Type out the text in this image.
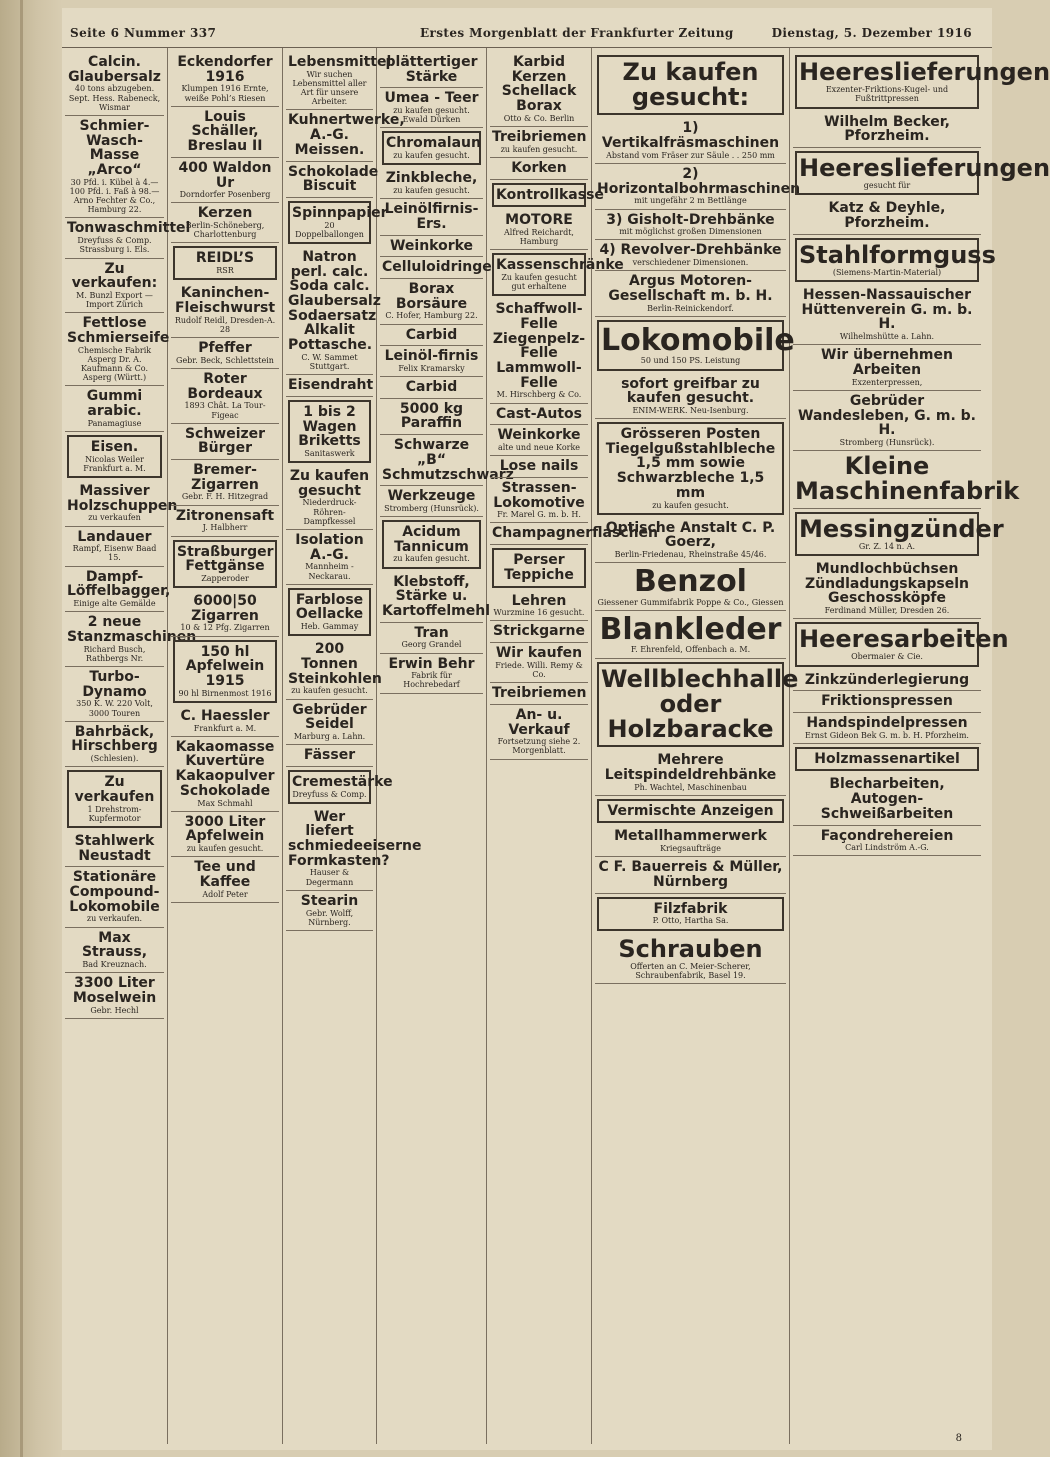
Seite 6 Nummer 337	Erstes Morgenblatt der Frankfurter Zeitung	Dienstag, 5. Dezember 1916
Calcin. Glaubersalz
40 tons abzugeben. Sept. Hess. Rabeneck, Wismar
Schmier-Wasch-Masse „Arco“
30 Pfd. i. Kübel à 4.— 100 Pfd. i. Faß à 98.— Arno Fechter & Co., Hamburg 22.
Tonwaschmittel
Dreyfuss & Comp. Strassburg i. Els.
Zu verkaufen:
M. Bunzl Export — Import Zürich
Fettlose Schmierseife
Chemische Fabrik Asperg Dr. A. Kaufmann & Co. Asperg (Württ.)
Gummi arabic.
Panamagiuse
Eisen.
Nicolas Weiler Frankfurt a. M.
Massiver Holzschuppen
zu verkaufen
Landauer
Rampf, Eisenw Baad 15.
Dampf-Löffelbagger,
Einige alte Gemälde
2 neue Stanzmaschinen
Richard Busch, Rathbergs Nr.
Turbo-Dynamo
350 K. W. 220 Volt, 3000 Touren
Bahrbäck, Hirschberg
(Schlesien).
Zu verkaufen
1 Drehstrom-Kupfermotor
Stahlwerk Neustadt
Stationäre Compound-Lokomobile
zu verkaufen.
Max Strauss,
Bad Kreuznach.
3300 Liter Moselwein
Gebr. Hechl
Eckendorfer 1916
Klumpen 1916 Ernte, weiße Pohl’s Riesen
Louis Schäller, Breslau II
400 Waldon Ur
Dorndorfer Posenberg
Kerzen
Berlin-Schöneberg, Charlottenburg
REIDL’S
RSR
Kaninchen-Fleischwurst
Rudolf Reidl, Dresden-A. 28
Pfeffer
Gebr. Beck, Schlettstein
Roter Bordeaux
1893 Chât. La Tour-Figeac
Schweizer Bürger
Bremer-Zigarren
Gebr. F. H. Hitzegrad
Zitronensaft
J. Halbherr
Straßburger Fettgänse
Zapperoder
6000|50 Zigarren
10 & 12 Pfg. Zigarren
150 hl Apfelwein 1915
90 hl Birnenmost 1916
C. Haessler
Frankfurt a. M.
Kakaomasse Kuvertüre Kakaopulver Schokolade
Max Schmahl
3000 Liter Apfelwein
zu kaufen gesucht.
Tee und Kaffee
Adolf Peter
Lebensmittel
Wir suchen Lebensmittel aller Art für unsere Arbeiter.
Kuhnertwerke, A.-G. Meissen.
Schokolade Biscuit
Spinnpapier
20 Doppelballongen
Natron perl. calc. Soda calc. Glaubersalz Sodaersatz Alkalit Pottasche.
C. W. Sammet Stuttgart.
Eisendraht
1 bis 2 Wagen Briketts
Sanitaswerk
Zu kaufen gesucht
Niederdruck-Röhren-Dampfkessel
Isolation A.-G.
Mannheim - Neckarau.
Farblose Oellacke
Heb. Gammay
200 Tonnen Steinkohlen
zu kaufen gesucht.
Gebrüder Seidel
Marburg a. Lahn.
Fässer
Cremestärke
Dreyfuss & Comp.
Wer liefert schmiedeeiserne Formkasten?
Hauser & Degermann
Stearin
Gebr. Wolff, Nürnberg.
plättertiger Stärke
Umea - Teer
zu kaufen gesucht. Ewald Dürken
Chromalaun
zu kaufen gesucht.
Zinkbleche,
zu kaufen gesucht.
Leinölfirnis-Ers.
Weinkorke
Celluloidringe
Borax Borsäure
C. Hofer, Hamburg 22.
Carbid
Leinöl-firnis
Felix Kramarsky
Carbid
5000 kg Paraffin
Schwarze „B“ Schmutzschwarz
Werkzeuge
Stromberg (Hunsrück).
Acidum Tannicum
zu kaufen gesucht.
Klebstoff, Stärke u. Kartoffelmehl
Tran
Georg Grandel
Erwin Behr
Fabrik für Hochrebedarf
Karbid Kerzen Schellack Borax
Otto & Co. Berlin
Treibriemen
zu kaufen gesucht.
Korken
Kontrollkasse
MOTORE
Alfred Reichardt, Hamburg
Kassenschränke
Zu kaufen gesucht gut erhaltene
Schaffwoll-Felle Ziegenpelz-Felle Lammwoll-Felle
M. Hirschberg & Co.
Cast-Autos
Weinkorke
alte und neue Korke
Lose nails
Strassen-Lokomotive
Fr. Marel G. m. b. H.
Champagnerflaschen
Perser Teppiche
Lehren
Wurzmine 16 gesucht.
Strickgarne
Wir kaufen
Friede. Willi. Remy & Co.
Treibriemen
An- u. Verkauf
Fortsetzung siehe 2. Morgenblatt.
Zu kaufen gesucht:
1) Vertikalfräsmaschinen
Abstand vom Fräser zur Säule . . 250 mm
2) Horizontalbohrmaschinen
mit ungefähr 2 m Bettlänge
3) Gisholt-Drehbänke
mit möglichst großen Dimensionen
4) Revolver-Drehbänke
verschiedener Dimensionen.
Argus Motoren-Gesellschaft m. b. H.
Berlin-Reinickendorf.
Lokomobile
50 und 150 PS. Leistung
sofort greifbar zu kaufen gesucht.
ENIM-WERK. Neu-Isenburg.
Grösseren Posten Tiegelgußstahlbleche 1,5 mm sowie Schwarzbleche 1,5 mm
zu kaufen gesucht.
Optische Anstalt C. P. Goerz,
Berlin-Friedenau, Rheinstraße 45/46.
Benzol
Giessener Gummifabrik Poppe & Co., Giessen
Blankleder
F. Ehrenfeld, Offenbach a. M.
Wellblechhalle oder Holzbaracke
Mehrere Leitspindeldrehbänke
Ph. Wachtel, Maschinenbau
Vermischte Anzeigen
Metallhammerwerk
Kriegsaufträge
C F. Bauerreis & Müller, Nürnberg
Filzfabrik
P. Otto, Hartha Sa.
Schrauben
Offerten an C. Meier-Scherer, Schraubenfabrik, Basel 19.
Heereslieferungen
Exzenter-Friktions-Kugel- und Fußtrittpressen
Wilhelm Becker, Pforzheim.
Heereslieferungen
gesucht für
Katz & Deyhle, Pforzheim.
Stahlformguss
(Siemens-Martin-Material)
Hessen-Nassauischer Hüttenverein G. m. b. H.
Wilhelmshütte a. Lahn.
Wir übernehmen Arbeiten
Exzenterpressen,
Gebrüder Wandesleben, G. m. b. H.
Stromberg (Hunsrück).
Kleine Maschinenfabrik
Messingzünder
Gr. Z. 14 n. A.
Mundlochbüchsen Zündladungskapseln Geschossköpfe
Ferdinand Müller, Dresden 26.
Heeresarbeiten
Obermaier & Cie.
Zinkzünderlegierung
Friktionspressen
Handspindelpressen
Ernst Gideon Bek G. m. b. H. Pforzheim.
Holzmassenartikel
Blecharbeiten, Autogen-Schweißarbeiten
Façondrehereien
Carl Lindström A.-G.
8
